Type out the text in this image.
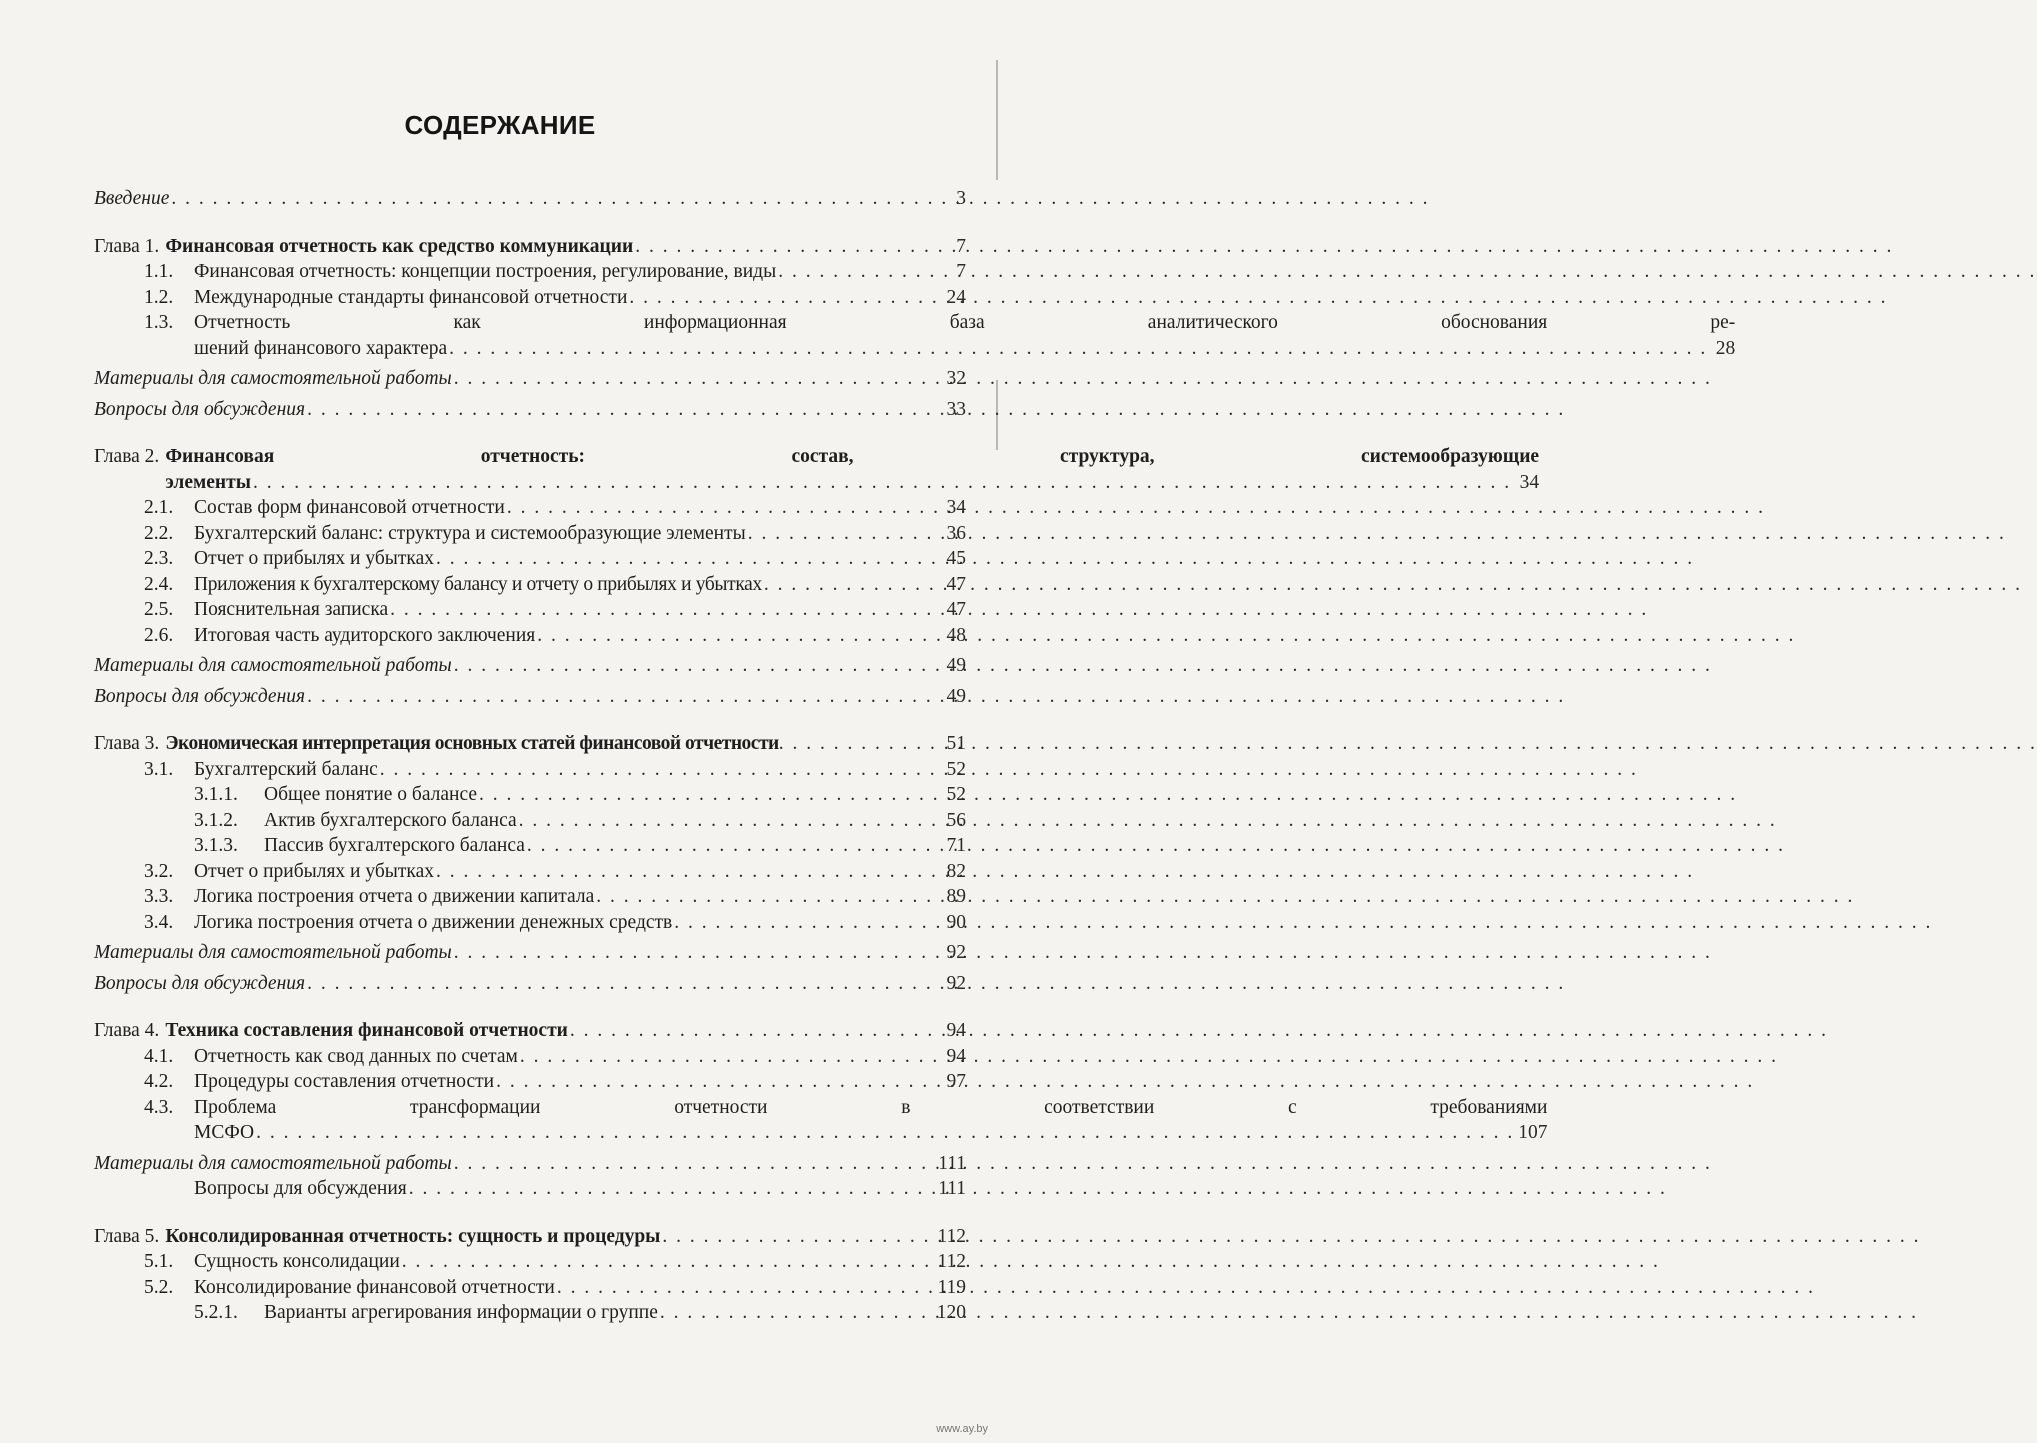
СОДЕРЖАНИЕ
Введение . . .	3
Глава 1. Финансовая отчетность как средство коммуникации . . .	7
1.1.	Финансовая отчетность: концепции построения, регулирование, виды . . .	7
1.2.	Международные стандарты финансовой отчетности . . .	24
1.3.	Отчетность как информационная база аналитического обоснования ре-
шений финансового характера . . .	28
Материалы для самостоятельной работы . . .	32
Вопросы для обсуждения . . .	33
Глава 2. Финансовая отчетность: состав, структура, системообразующие
элементы . . .	34
2.1.	Состав форм финансовой отчетности . . .	34
2.2.	Бухгалтерский баланс: структура и системообразующие элементы . . .	36
2.3.	Отчет о прибылях и убытках . . .	45
2.4.	Приложения к бухгалтерскому балансу и отчету о прибылях и убытках . . .	47
2.5.	Пояснительная записка . . .	47
2.6.	Итоговая часть аудиторского заключения . . .	48
Материалы для самостоятельной работы . . .	49
Вопросы для обсуждения . . .	49
Глава 3. Экономическая интерпретация основных статей финансовой отчетности . . .	51
3.1.	Бухгалтерский баланс . . .	52
3.1.1.	Общее понятие о балансе . . .	52
3.1.2.	Актив бухгалтерского баланса . . .	56
3.1.3.	Пассив бухгалтерского баланса . . .	71
3.2.	Отчет о прибылях и убытках . . .	82
3.3.	Логика построения отчета о движении капитала . . .	89
3.4.	Логика построения отчета о движении денежных средств . . .	90
Материалы для самостоятельной работы . . .	92
Вопросы для обсуждения . . .	92
Глава 4. Техника составления финансовой отчетности . . .	94
4.1.	Отчетность как свод данных по счетам . . .	94
4.2.	Процедуры составления отчетности . . .	97
4.3.	Проблема трансформации отчетности в соответствии с требованиями
МСФО . . .	107
Материалы для самостоятельной работы . . .	111
Вопросы для обсуждения . . .	111
Глава 5. Консолидированная отчетность: сущность и процедуры . . .	112
5.1.	Сущность консолидации . . .	112
5.2.	Консолидирование финансовой отчетности . . .	119
5.2.1.	Варианты агрегирования информации о группе . . .	120
www.ay.by
